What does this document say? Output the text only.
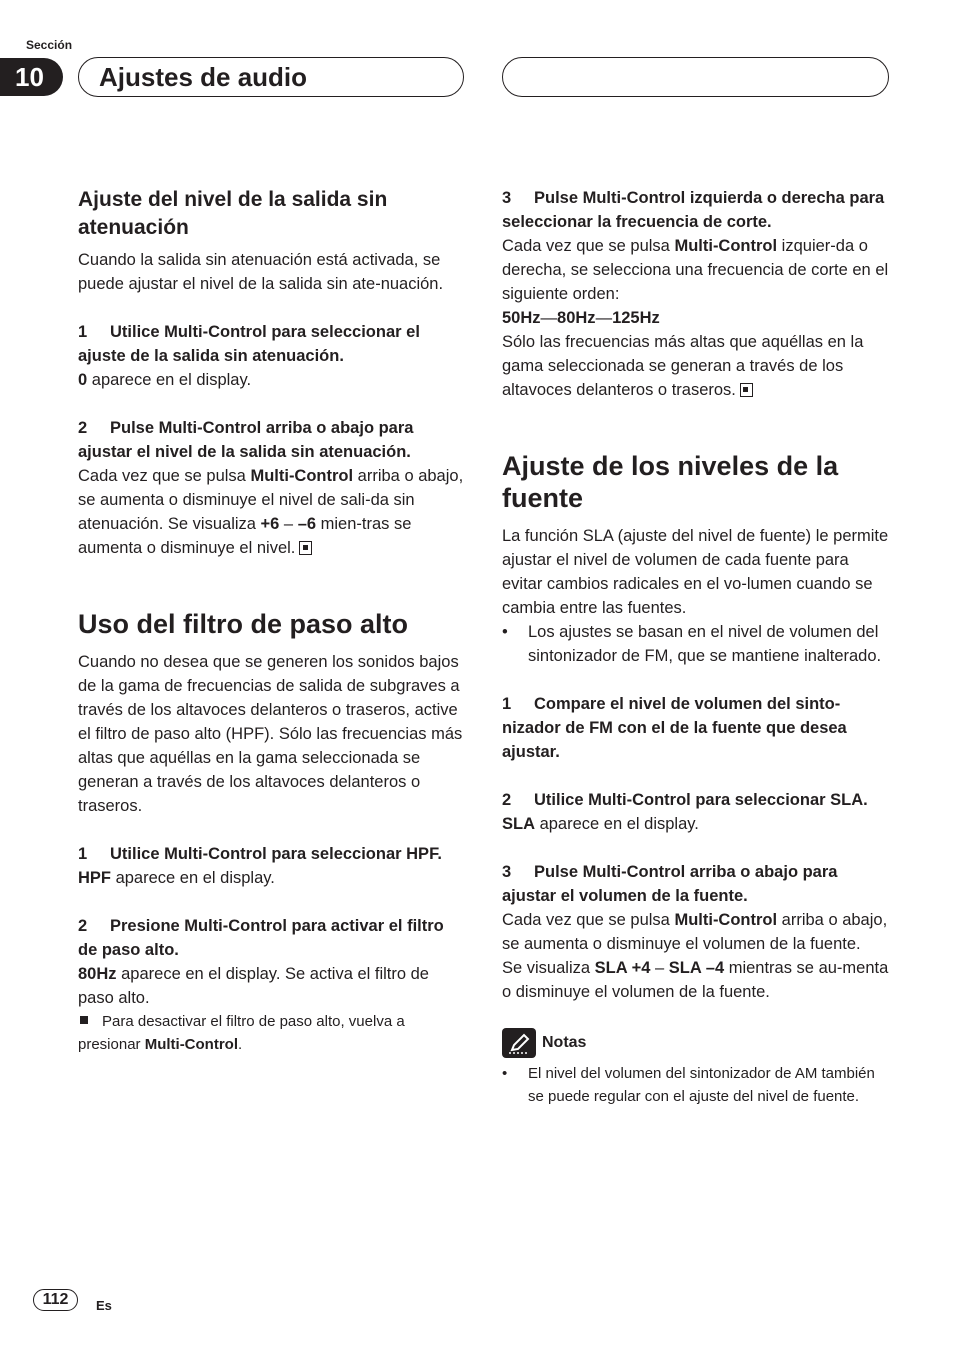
Sección
10	Ajustes de audio
Ajuste del nivel de la salida sin atenuación
Cuando la salida sin atenuación está activada, se puede ajustar el nivel de la salida sin ate-nuación.
1 Utilice Multi-Control para seleccionar el ajuste de la salida sin atenuación.
0 aparece en el display.
2 Pulse Multi-Control arriba o abajo para ajustar el nivel de la salida sin atenuación.
Cada vez que se pulsa Multi-Control arriba o abajo, se aumenta o disminuye el nivel de sali-da sin atenuación. Se visualiza +6 – –6 mien-tras se aumenta o disminuye el nivel.
Uso del filtro de paso alto
Cuando no desea que se generen los sonidos bajos de la gama de frecuencias de salida de subgraves a través de los altavoces delanteros o traseros, active el filtro de paso alto (HPF). Sólo las frecuencias más altas que aquéllas en la gama seleccionada se generan a través de los altavoces delanteros o traseros.
1 Utilice Multi-Control para seleccionar HPF.
HPF aparece en el display.
2 Presione Multi-Control para activar el filtro de paso alto.
80Hz aparece en el display. Se activa el filtro de paso alto.
Para desactivar el filtro de paso alto, vuelva a presionar Multi-Control.
3 Pulse Multi-Control izquierda o derecha para seleccionar la frecuencia de corte.
Cada vez que se pulsa Multi-Control izquier-da o derecha, se selecciona una frecuencia de corte en el siguiente orden:
50Hz—80Hz—125Hz
Sólo las frecuencias más altas que aquéllas en la gama seleccionada se generan a través de los altavoces delanteros o traseros.
Ajuste de los niveles de la fuente
La función SLA (ajuste del nivel de fuente) le permite ajustar el nivel de volumen de cada fuente para evitar cambios radicales en el vo-lumen cuando se cambia entre las fuentes.
• Los ajustes se basan en el nivel de volumen del sintonizador de FM, que se mantiene inalterado.
1 Compare el nivel de volumen del sinto-nizador de FM con el de la fuente que desea ajustar.
2 Utilice Multi-Control para seleccionar SLA.
SLA aparece en el display.
3 Pulse Multi-Control arriba o abajo para ajustar el volumen de la fuente.
Cada vez que se pulsa Multi-Control arriba o abajo, se aumenta o disminuye el volumen de la fuente.
Se visualiza SLA +4 – SLA –4 mientras se au-menta o disminuye el volumen de la fuente.
Notas
• El nivel del volumen del sintonizador de AM también se puede regular con el ajuste del nivel de fuente.
112	Es
